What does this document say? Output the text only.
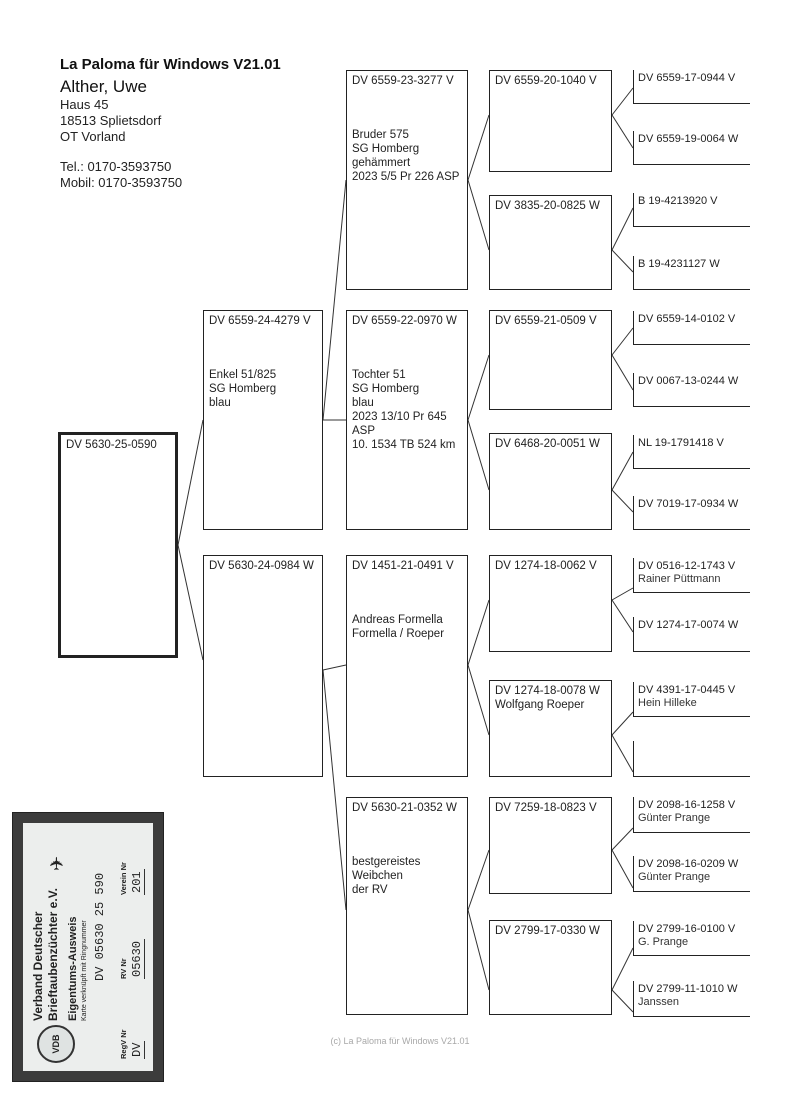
La Paloma für Windows V21.01
Alther, Uwe
Haus 45
18513 Splietsdorf
OT Vorland
Tel.: 0170-3593750
Mobil: 0170-3593750
DV 5630-25-0590
DV 6559-24-4279 V
Enkel 51/825
SG Homberg
blau
DV 5630-24-0984 W
DV 6559-23-3277 V
Bruder 575
SG Homberg
gehämmert
2023 5/5 Pr 226 ASP
DV 6559-22-0970 W
Tochter 51
SG Homberg
blau
2023 13/10 Pr 645
ASP
10. 1534 TB 524 km
DV 1451-21-0491 V
Andreas Formella
Formella / Roeper
DV 5630-21-0352 W
bestgereistes
Weibchen
der RV
DV 6559-20-1040 V
DV 3835-20-0825 W
DV 6559-21-0509 V
DV 6468-20-0051 W
DV 1274-18-0062 V
DV 1274-18-0078 W
Wolfgang Roeper
DV 7259-18-0823 V
DV 2799-17-0330 W
DV 6559-17-0944 V
DV 6559-19-0064 W
B 19-4213920 V
B 19-4231127 W
DV 6559-14-0102 V
DV 0067-13-0244 W
NL 19-1791418 V
DV 7019-17-0934 W
DV 0516-12-1743 V
Rainer Püttmann
DV 1274-17-0074 W
DV 4391-17-0445 V
Hein Hilleke
DV 2098-16-1258 V
Günter Prange
DV 2098-16-0209 W
Günter Prange
DV 2799-16-0100 V
G. Prange
DV 2799-11-1010 W
Janssen
VDB
Verband Deutscher Brieftaubenzüchter e.V. Eigentums-Ausweis Karte verknüpft mit Ringnummer DV 05630 25 590
RegV Nr DV
RV Nr 05630
Verein Nr 201
✈
(c) La Paloma für Windows V21.01
